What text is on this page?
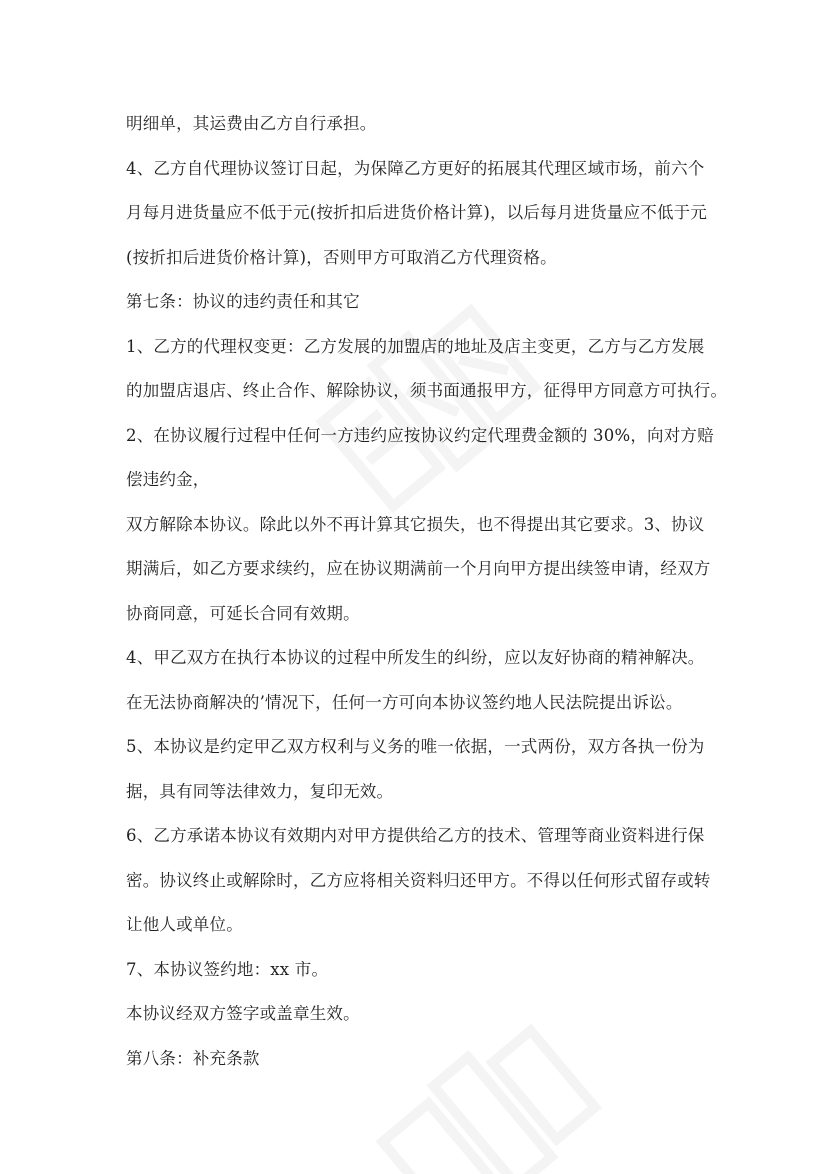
明细单，其运费由乙方自行承担。
4、乙方自代理协议签订日起，为保障乙方更好的拓展其代理区域市场，前六个
月每月进货量应不低于元(按折扣后进货价格计算)，以后每月进货量应不低于元
(按折扣后进货价格计算)，否则甲方可取消乙方代理资格。
第七条：协议的违约责任和其它
1、乙方的代理权变更：乙方发展的加盟店的地址及店主变更，乙方与乙方发展
的加盟店退店、终止合作、解除协议，须书面通报甲方，征得甲方同意方可执行。
2、在协议履行过程中任何一方违约应按协议约定代理费金额的 30%，向对方赔
偿违约金，
双方解除本协议。除此以外不再计算其它损失，也不得提出其它要求。3、协议
期满后，如乙方要求续约，应在协议期满前一个月向甲方提出续签申请，经双方
协商同意，可延长合同有效期。
4、甲乙双方在执行本协议的过程中所发生的纠纷，应以友好协商的精神解决。
在无法协商解决的’情况下，任何一方可向本协议签约地人民法院提出诉讼。
5、本协议是约定甲乙双方权利与义务的唯一依据，一式两份，双方各执一份为
据，具有同等法律效力，复印无效。
6、乙方承诺本协议有效期内对甲方提供给乙方的技术、管理等商业资料进行保
密。协议终止或解除时，乙方应将相关资料归还甲方。不得以任何形式留存或转
让他人或单位。
7、本协议签约地：xx 市。
本协议经双方签字或盖章生效。
第八条：补充条款
